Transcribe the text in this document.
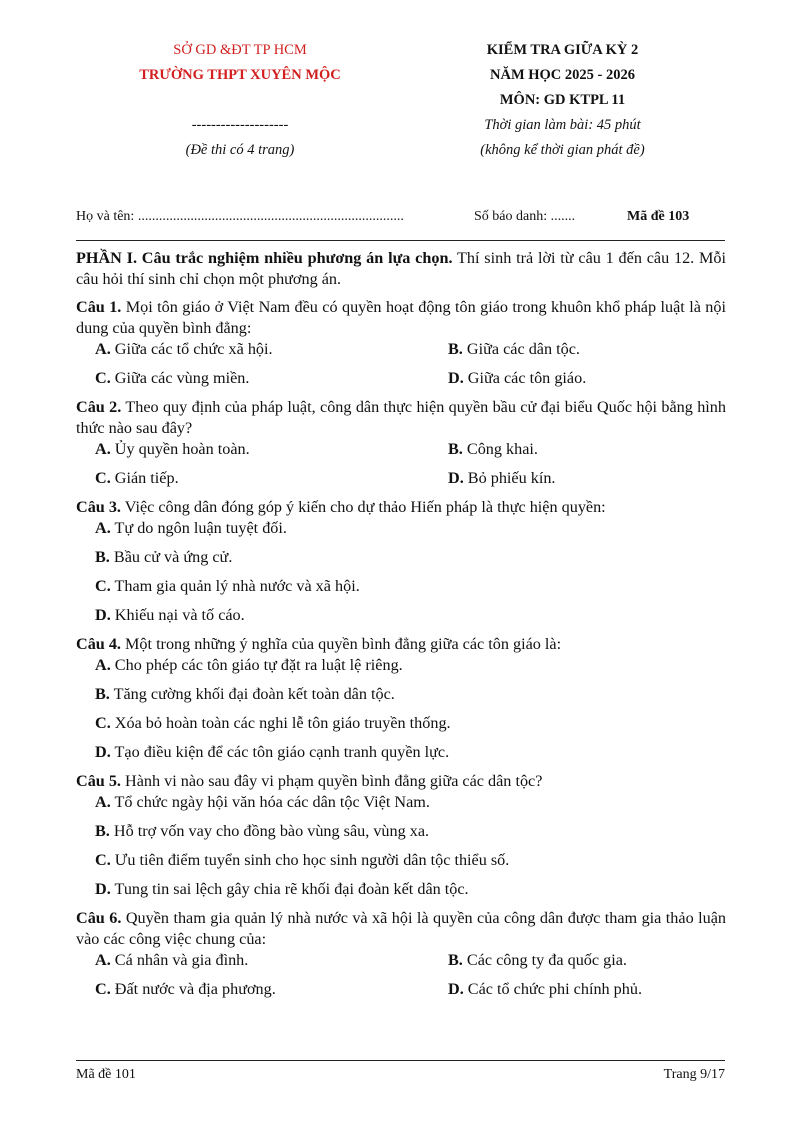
SỞ GD &ĐT TP HCM
TRƯỜNG THPT XUYÊN MỘC
--------------------
(Đề thi có 4 trang)
KIỂM TRA GIỮA KỲ 2
NĂM HỌC 2025 - 2026
MÔN: GD KTPL 11
Thời gian làm bài: 45 phút
(không kể thời gian phát đề)
Họ và tên: ............................................................................	Số báo danh: .......	Mã đề 103

PHẦN I. Câu trắc nghiệm nhiều phương án lựa chọn. Thí sinh trả lời từ câu 1 đến câu 12. Mỗi câu hỏi thí sinh chỉ chọn một phương án.

Câu 1. Mọi tôn giáo ở Việt Nam đều có quyền hoạt động tôn giáo trong khuôn khổ pháp luật là nội dung của quyền bình đẳng:

A. Giữa các tổ chức xã hội.	B. Giữa các dân tộc.
C. Giữa các vùng miền.	D. Giữa các tôn giáo.

Câu 2. Theo quy định của pháp luật, công dân thực hiện quyền bầu cử đại biểu Quốc hội bằng hình thức nào sau đây?

A. Ủy quyền hoàn toàn.	B. Công khai.
C. Gián tiếp.	D. Bỏ phiếu kín.

Câu 3. Việc công dân đóng góp ý kiến cho dự thảo Hiến pháp là thực hiện quyền:

A. Tự do ngôn luận tuyệt đối.
B. Bầu cử và ứng cử.
C. Tham gia quản lý nhà nước và xã hội.
D. Khiếu nại và tố cáo.

Câu 4. Một trong những ý nghĩa của quyền bình đẳng giữa các tôn giáo là:

A. Cho phép các tôn giáo tự đặt ra luật lệ riêng.
B. Tăng cường khối đại đoàn kết toàn dân tộc.
C. Xóa bỏ hoàn toàn các nghi lễ tôn giáo truyền thống.
D. Tạo điều kiện để các tôn giáo cạnh tranh quyền lực.

Câu 5. Hành vi nào sau đây vi phạm quyền bình đẳng giữa các dân tộc?

A. Tổ chức ngày hội văn hóa các dân tộc Việt Nam.
B. Hỗ trợ vốn vay cho đồng bào vùng sâu, vùng xa.
C. Ưu tiên điểm tuyển sinh cho học sinh người dân tộc thiểu số.
D. Tung tin sai lệch gây chia rẽ khối đại đoàn kết dân tộc.

Câu 6. Quyền tham gia quản lý nhà nước và xã hội là quyền của công dân được tham gia thảo luận vào các công việc chung của:

A. Cá nhân và gia đình.	B. Các công ty đa quốc gia.
C. Đất nước và địa phương.	D. Các tổ chức phi chính phủ.
Mã đề 101	Trang 9/17
